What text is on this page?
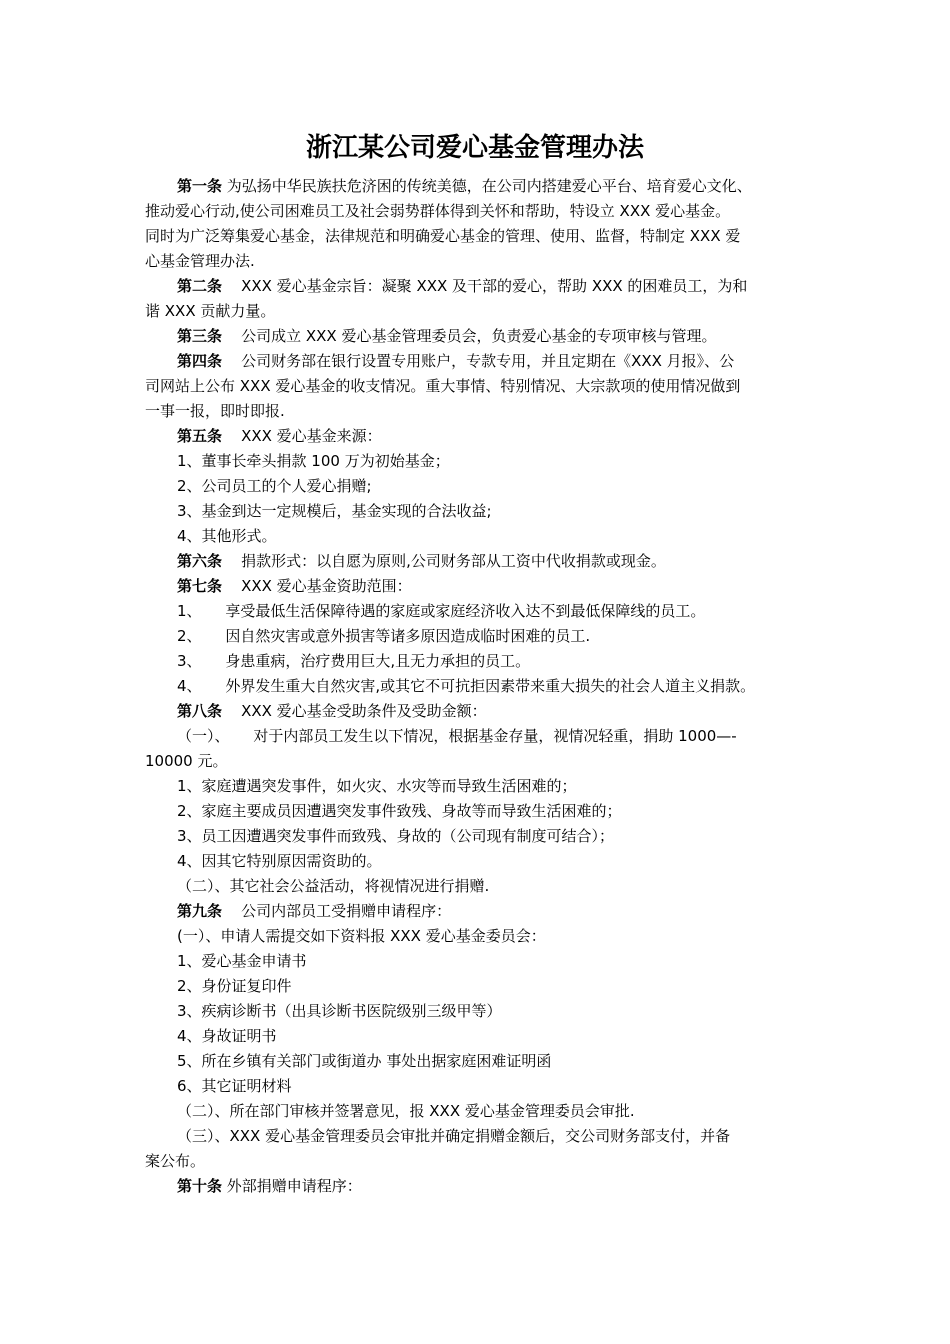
浙江某公司爱心基金管理办法
第一条 为弘扬中华民族扶危济困的传统美德，在公司内搭建爱心平台、培育爱心文化、
推动爱心行动,使公司困难员工及社会弱势群体得到关怀和帮助，特设立 XXX 爱心基金。
同时为广泛筹集爱心基金，法律规范和明确爱心基金的管理、使用、监督，特制定 XXX 爱
心基金管理办法.
第二条    XXX 爱心基金宗旨：凝聚 XXX 及干部的爱心，帮助 XXX 的困难员工，为和
谐 XXX 贡献力量。
第三条    公司成立 XXX 爱心基金管理委员会，负责爱心基金的专项审核与管理。
第四条    公司财务部在银行设置专用账户，专款专用，并且定期在《XXX 月报》、公
司网站上公布 XXX 爱心基金的收支情况。重大事情、特别情况、大宗款项的使用情况做到
一事一报，即时即报.
第五条    XXX 爱心基金来源：
1、董事长牵头捐款 100 万为初始基金；
2、公司员工的个人爱心捐赠;
3、基金到达一定规模后，基金实现的合法收益;
4、其他形式。
第六条    捐款形式：以自愿为原则,公司财务部从工资中代收捐款或现金。
第七条    XXX 爱心基金资助范围：
1、     享受最低生活保障待遇的家庭或家庭经济收入达不到最低保障线的员工。
2、     因自然灾害或意外损害等诸多原因造成临时困难的员工.
3、     身患重病，治疗费用巨大,且无力承担的员工。
4、     外界发生重大自然灾害,或其它不可抗拒因素带来重大损失的社会人道主义捐款。
第八条    XXX 爱心基金受助条件及受助金额：
（一）、     对于内部员工发生以下情况，根据基金存量，视情况轻重，捐助 1000—-
10000 元。
1、家庭遭遇突发事件，如火灾、水灾等而导致生活困难的；
2、家庭主要成员因遭遇突发事件致残、身故等而导致生活困难的；
3、员工因遭遇突发事件而致残、身故的（公司现有制度可结合）；
4、因其它特别原因需资助的。
（二）、其它社会公益活动，将视情况进行捐赠.
第九条    公司内部员工受捐赠申请程序：
(一）、申请人需提交如下资料报 XXX 爱心基金委员会：
1、爱心基金申请书
2、身份证复印件
3、疾病诊断书（出具诊断书医院级别三级甲等）
4、身故证明书
5、所在乡镇有关部门或街道办 事处出据家庭困难证明函
6、其它证明材料
（二）、所在部门审核并签署意见，报 XXX 爱心基金管理委员会审批.
（三）、XXX 爱心基金管理委员会审批并确定捐赠金额后，交公司财务部支付，并备
案公布。
第十条 外部捐赠申请程序：
